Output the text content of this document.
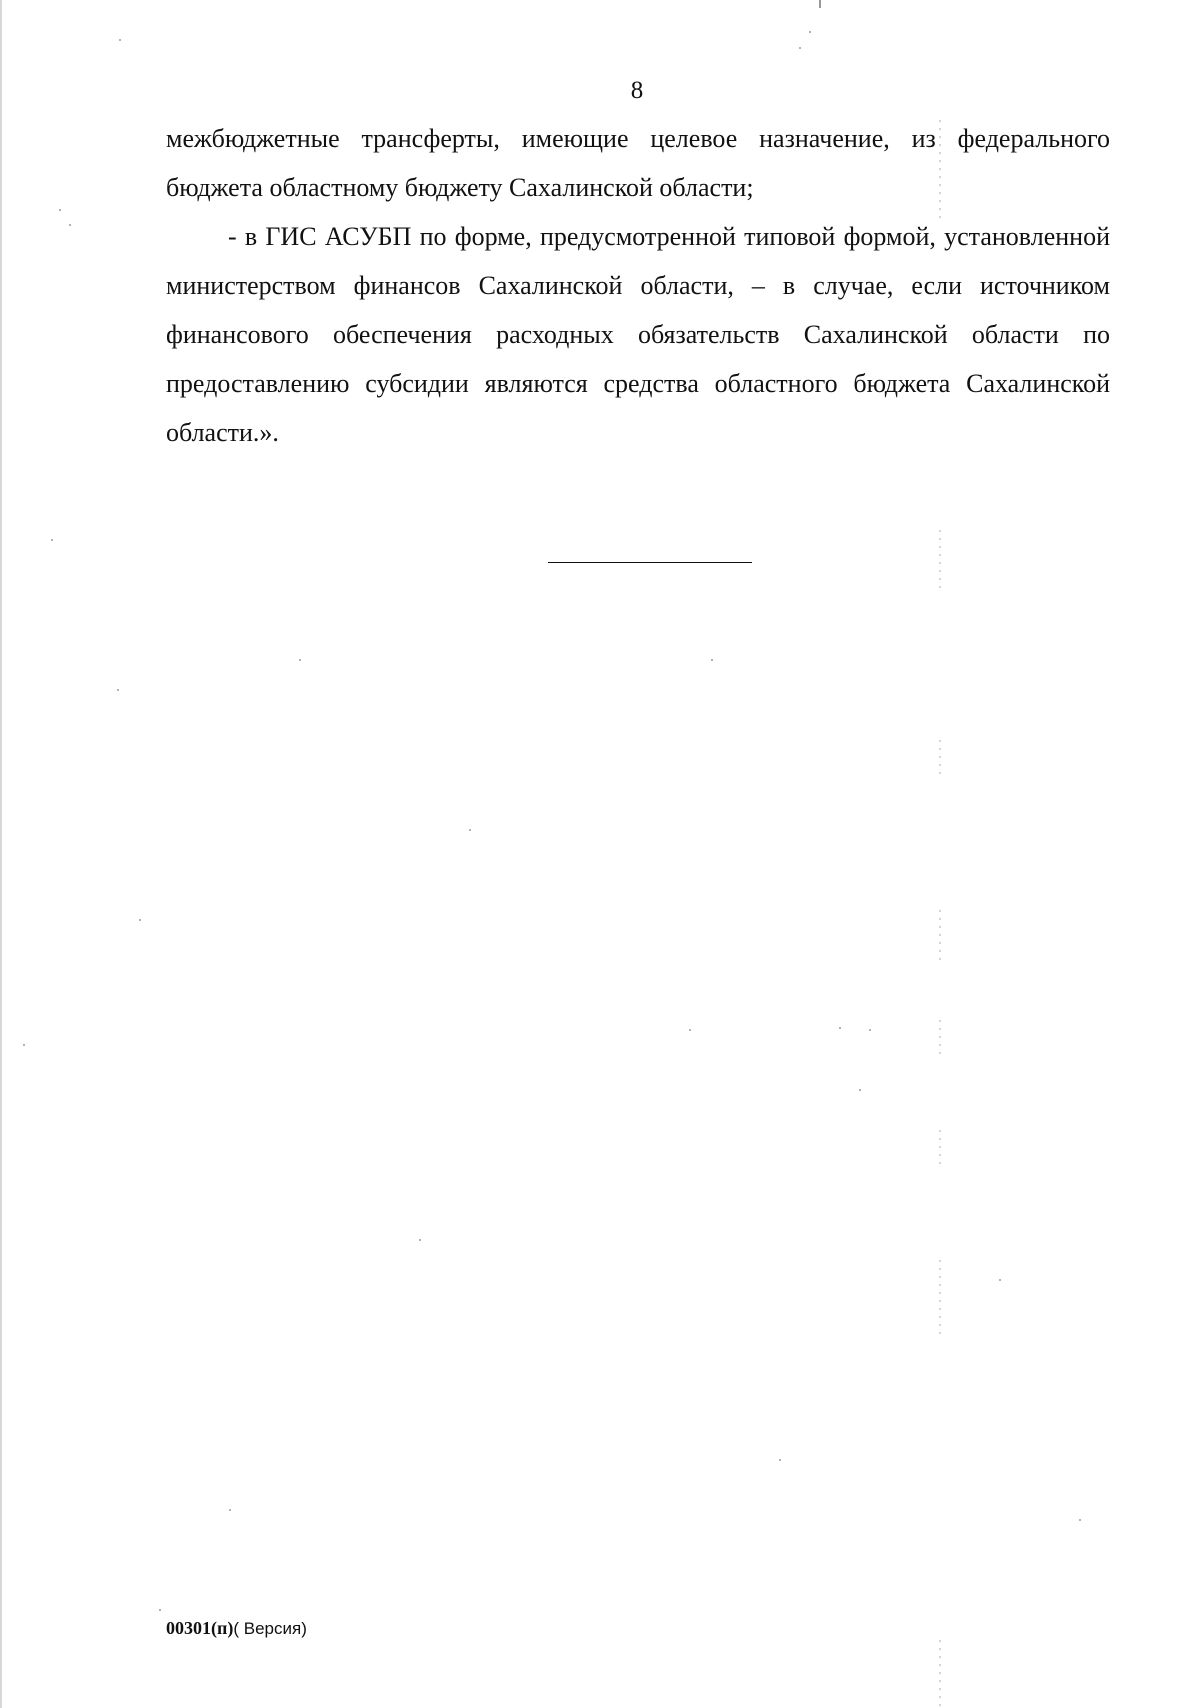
8

межбюджетные трансферты, имеющие целевое назначение, из федерального бюджета областному бюджету Сахалинской области;

- в ГИС АСУБП по форме, предусмотренной типовой формой, установленной министерством финансов Сахалинской области, – в случае, если источником финансового обеспечения расходных обязательств Сахалинской области по предоставлению субсидии являются средства областного бюджета Сахалинской области.».

00301(п)( Версия)
